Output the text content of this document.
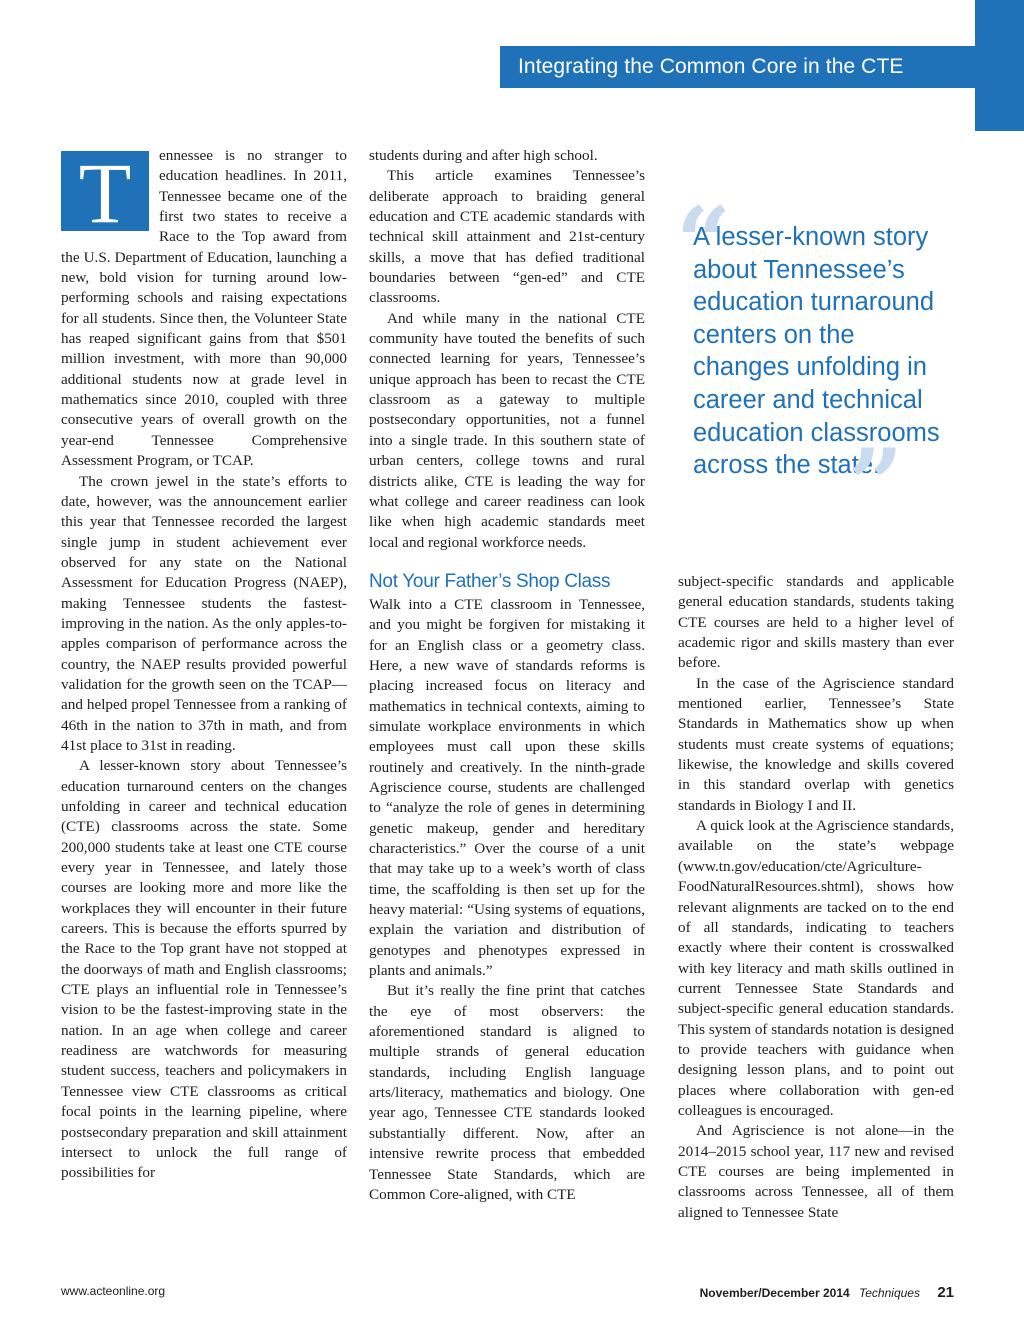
Integrating the Common Core in the CTE Classroom
T	ennessee is no stranger to education headlines. In 2011, Tennessee became one of the first two states to receive a Race to the Top award from the U.S. Department of Education, launching a new, bold vision for turning around low-performing schools and raising expectations for all students. Since then, the Volunteer State has reaped significant gains from that $501 million investment, with more than 90,000 additional students now at grade level in mathematics since 2010, coupled with three consecutive years of overall growth on the year-end Tennessee Comprehensive Assessment Program, or TCAP.

The crown jewel in the state’s efforts to date, however, was the announcement earlier this year that Tennessee recorded the largest single jump in student achievement ever observed for any state on the National Assessment for Education Progress (NAEP), making Tennessee students the fastest-improving in the nation. As the only apples-to-apples comparison of performance across the country, the NAEP results provided powerful validation for the growth seen on the TCAP—and helped propel Tennessee from a ranking of 46th in the nation to 37th in math, and from 41st place to 31st in reading.

A lesser-known story about Tennessee’s education turnaround centers on the changes unfolding in career and technical education (CTE) classrooms across the state. Some 200,000 students take at least one CTE course every year in Tennessee, and lately those courses are looking more and more like the workplaces they will encounter in their future careers. This is because the efforts spurred by the Race to the Top grant have not stopped at the doorways of math and English classrooms; CTE plays an influential role in Tennessee’s vision to be the fastest-improving state in the nation. In an age when college and career readiness are watchwords for measuring student success, teachers and policymakers in Tennessee view CTE classrooms as critical focal points in the learning pipeline, where postsecondary preparation and skill attainment intersect to unlock the full range of possibilities for

students during and after high school.

This article examines Tennessee’s deliberate approach to braiding general education and CTE academic standards with technical skill attainment and 21st-century skills, a move that has defied traditional boundaries between “gen-ed” and CTE classrooms.

And while many in the national CTE community have touted the benefits of such connected learning for years, Tennessee’s unique approach has been to recast the CTE classroom as a gateway to multiple postsecondary opportunities, not a funnel into a single trade. In this southern state of urban centers, college towns and rural districts alike, CTE is leading the way for what college and career readiness can look like when high academic standards meet local and regional workforce needs.

Not Your Father’s Shop Class

Walk into a CTE classroom in Tennessee, and you might be forgiven for mistaking it for an English class or a geometry class. Here, a new wave of standards reforms is placing increased focus on literacy and mathematics in technical contexts, aiming to simulate workplace environments in which employees must call upon these skills routinely and creatively. In the ninth-grade Agriscience course, students are challenged to “analyze the role of genes in determining genetic makeup, gender and hereditary characteristics.” Over the course of a unit that may take up to a week’s worth of class time, the scaffolding is then set up for the heavy material: “Using systems of equations, explain the variation and distribution of genotypes and phenotypes expressed in plants and animals.”

But it’s really the fine print that catches the eye of most observers: the aforementioned standard is aligned to multiple strands of general education standards, including English language arts/literacy, mathematics and biology. One year ago, Tennessee CTE standards looked substantially different. Now, after an intensive rewrite process that embedded Tennessee State Standards, which are Common Core-aligned, with CTE

“
A lesser-known story about Tennessee’s education turnaround centers on the changes unfolding in career and technical education classrooms across the state.
”

subject-specific standards and applicable general education standards, students taking CTE courses are held to a higher level of academic rigor and skills mastery than ever before.

In the case of the Agriscience standard mentioned earlier, Tennessee’s State Standards in Mathematics show up when students must create systems of equations; likewise, the knowledge and skills covered in this standard overlap with genetics standards in Biology I and II.

A quick look at the Agriscience standards, available on the state’s webpage (www.tn.gov/education/cte/Agriculture-FoodNaturalResources.shtml), shows how relevant alignments are tacked on to the end of all standards, indicating to teachers exactly where their content is crosswalked with key literacy and math skills outlined in current Tennessee State Standards and subject-specific general education standards. This system of standards notation is designed to provide teachers with guidance when designing lesson plans, and to point out places where collaboration with gen-ed colleagues is encouraged.

And Agriscience is not alone—in the 2014–2015 school year, 117 new and revised CTE courses are being implemented in classrooms across Tennessee, all of them aligned to Tennessee State

www.acteonline.org	November/December 2014 Techniques 21
